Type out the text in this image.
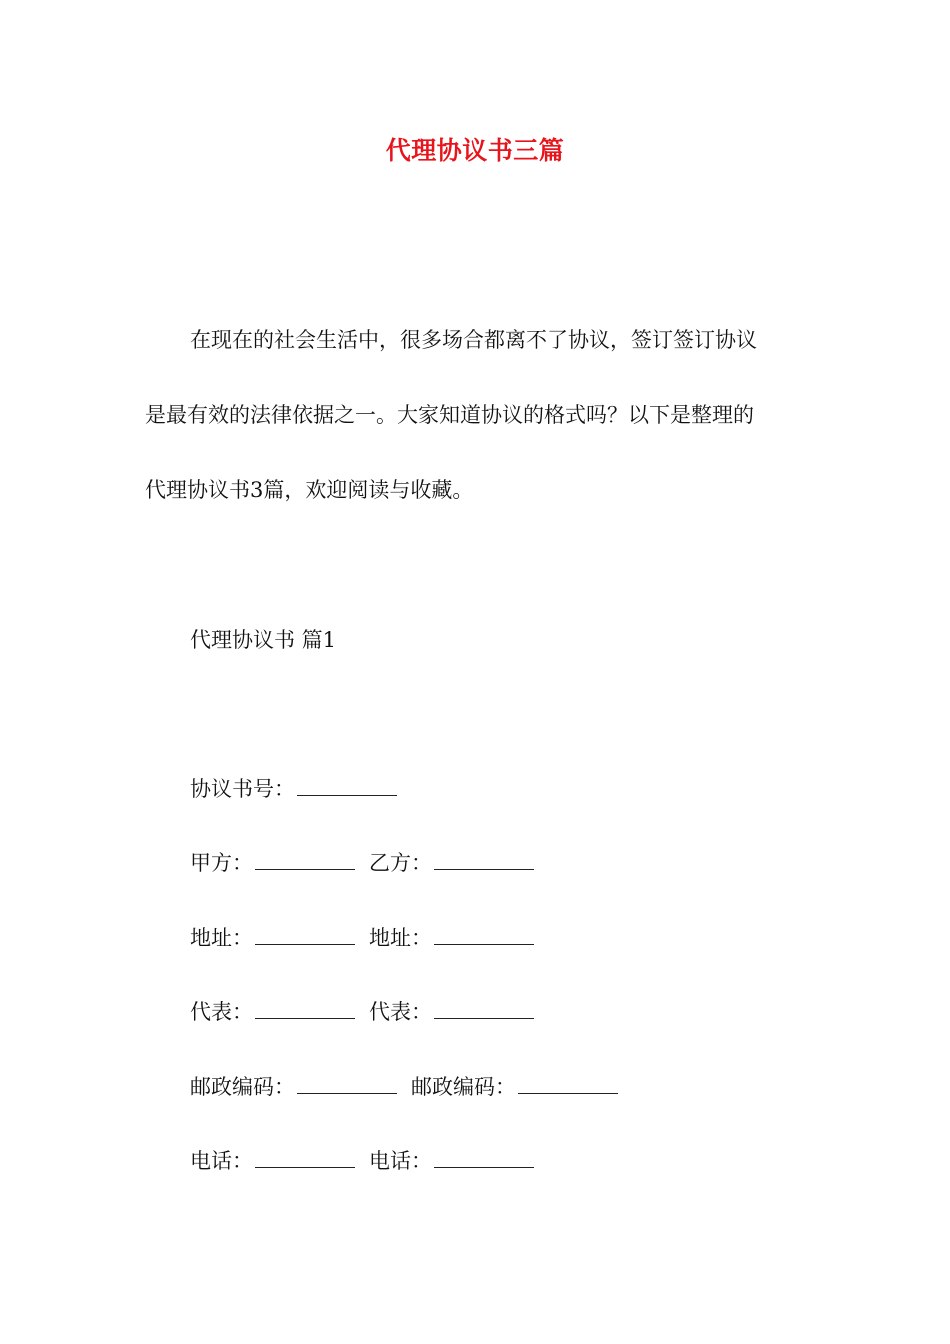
代理协议书三篇
在现在的社会生活中，很多场合都离不了协议，签订签订协议
是最有效的法律依据之一。大家知道协议的格式吗？以下是整理的
代理协议书3篇，欢迎阅读与收藏。
代理协议书 篇1
协议书号：
甲方：	乙方：
地址：	地址：
代表：	代表：
邮政编码：	邮政编码：
电话：	电话：
